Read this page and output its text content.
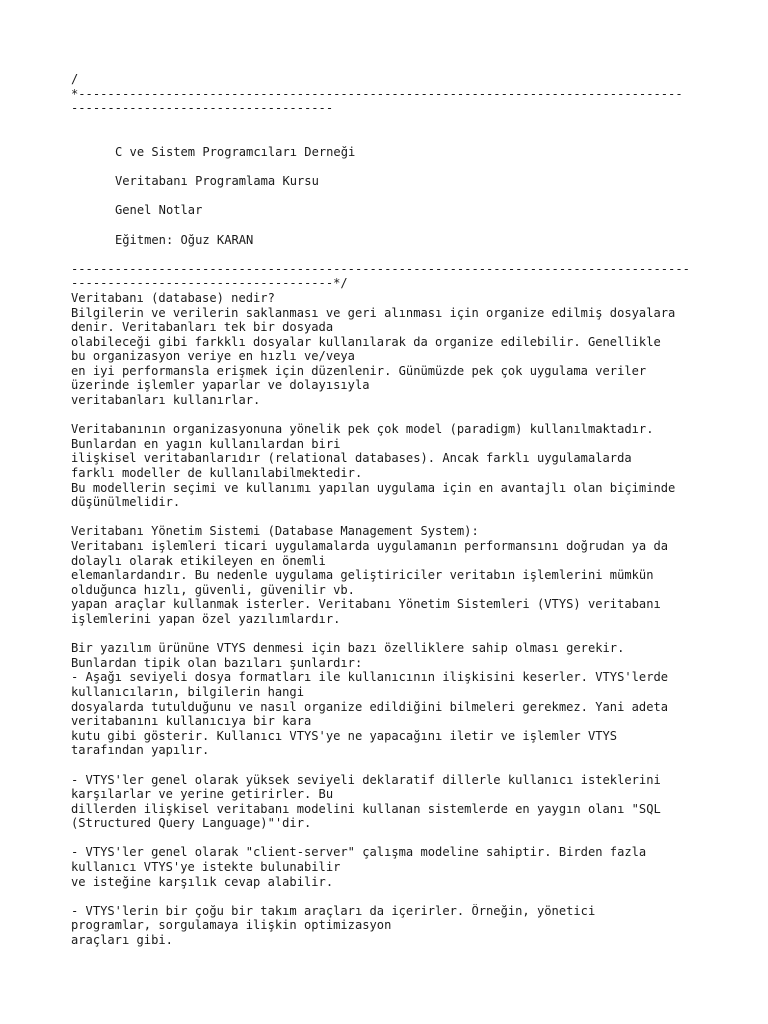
/
*-----------------------------------------------------------------------------------
------------------------------------
C ve Sistem Programcıları Derneği
Veritabanı Programlama Kursu
Genel Notlar
Eğitmen: Oğuz KARAN
-------------------------------------------------------------------------------------
------------------------------------*/
Veritabanı (database) nedir?
Bilgilerin ve verilerin saklanması ve geri alınması için organize edilmiş dosyalara
denir. Veritabanları tek bir dosyada
olabileceği gibi farkklı dosyalar kullanılarak da organize edilebilir. Genellikle
bu organizasyon veriye en hızlı ve/veya
en iyi performansla erişmek için düzenlenir. Günümüzde pek çok uygulama veriler
üzerinde işlemler yaparlar ve dolayısıyla
veritabanları kullanırlar.
Veritabanının organizasyonuna yönelik pek çok model (paradigm) kullanılmaktadır.
Bunlardan en yagın kullanılardan biri
ilişkisel veritabanlarıdır (relational databases). Ancak farklı uygulamalarda
farklı modeller de kullanılabilmektedir.
Bu modellerin seçimi ve kullanımı yapılan uygulama için en avantajlı olan biçiminde
düşünülmelidir.
Veritabanı Yönetim Sistemi (Database Management System):
Veritabanı işlemleri ticari uygulamalarda uygulamanın performansını doğrudan ya da
dolaylı olarak etikileyen en önemli
elemanlardandır. Bu nedenle uygulama geliştiriciler veritabın işlemlerini mümkün
olduğunca hızlı, güvenli, güvenilir vb.
yapan araçlar kullanmak isterler. Veritabanı Yönetim Sistemleri (VTYS) veritabanı
işlemlerini yapan özel yazılımlardır.
Bir yazılım ürününe VTYS denmesi için bazı özelliklere sahip olması gerekir.
Bunlardan tipik olan bazıları şunlardır:
- Aşağı seviyeli dosya formatları ile kullanıcının ilişkisini keserler. VTYS'lerde
kullanıcıların, bilgilerin hangi
dosyalarda tutulduğunu ve nasıl organize edildiğini bilmeleri gerekmez. Yani adeta
veritabanını kullanıcıya bir kara
kutu gibi gösterir. Kullanıcı VTYS'ye ne yapacağını iletir ve işlemler VTYS
tarafından yapılır.
- VTYS'ler genel olarak yüksek seviyeli deklaratif dillerle kullanıcı isteklerini
karşılarlar ve yerine getirirler. Bu
dillerden ilişkisel veritabanı modelini kullanan sistemlerde en yaygın olanı "SQL
(Structured Query Language)"'dir.
- VTYS'ler genel olarak "client-server" çalışma modeline sahiptir. Birden fazla
kullanıcı VTYS'ye istekte bulunabilir
ve isteğine karşılık cevap alabilir.
- VTYS'lerin bir çoğu bir takım araçları da içerirler. Örneğin, yönetici
programlar, sorgulamaya ilişkin optimizasyon
araçları gibi.
